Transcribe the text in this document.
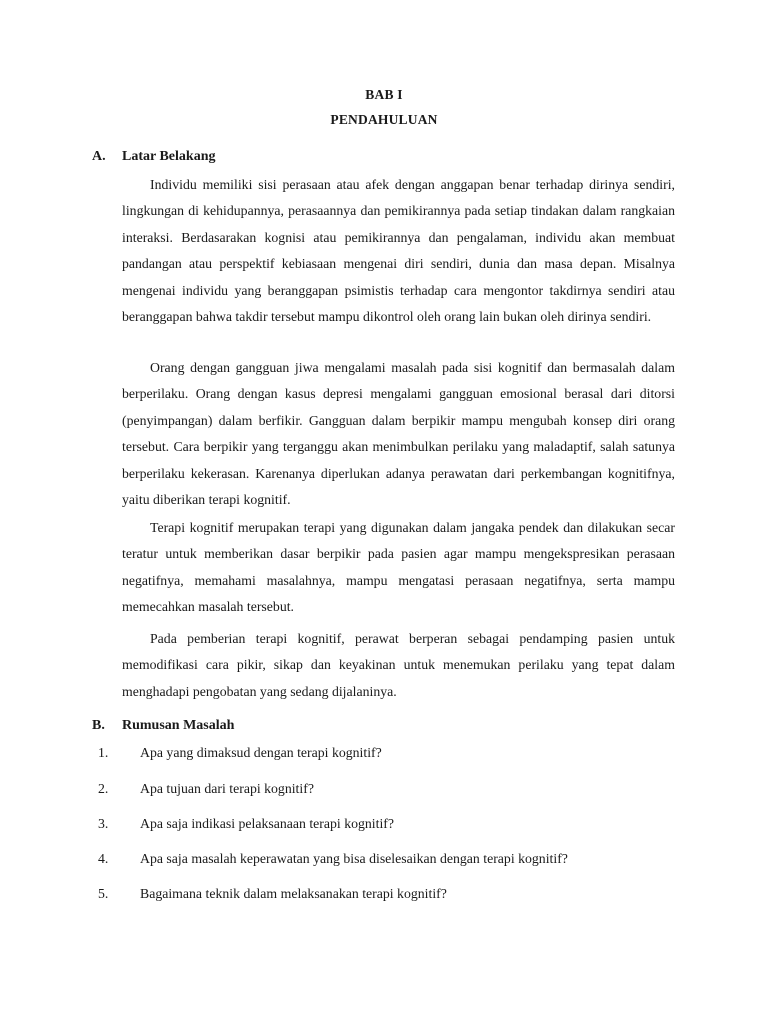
BAB I
PENDAHULUAN
A. Latar Belakang

Individu memiliki sisi perasaan atau afek dengan anggapan benar terhadap dirinya sendiri, lingkungan di kehidupannya, perasaannya dan pemikirannya pada setiap tindakan dalam rangkaian interaksi. Berdasarakan kognisi atau pemikirannya dan pengalaman, individu akan membuat pandangan atau perspektif kebiasaan mengenai diri sendiri, dunia dan masa depan. Misalnya mengenai individu yang beranggapan psimistis terhadap cara mengontor takdirnya sendiri atau beranggapan bahwa takdir tersebut mampu dikontrol oleh orang lain bukan oleh dirinya sendiri.

Orang dengan gangguan jiwa mengalami masalah pada sisi kognitif dan bermasalah dalam berperilaku. Orang dengan kasus depresi mengalami gangguan emosional berasal dari ditorsi (penyimpangan) dalam berfikir. Gangguan dalam berpikir mampu mengubah konsep diri orang tersebut. Cara berpikir yang terganggu akan menimbulkan perilaku yang maladaptif, salah satunya berperilaku kekerasan. Karenanya diperlukan adanya perawatan dari perkembangan kognitifnya, yaitu diberikan terapi kognitif.

Terapi kognitif merupakan terapi yang digunakan dalam jangaka pendek dan dilakukan secar teratur untuk memberikan dasar berpikir pada pasien agar mampu mengekspresikan perasaan negatifnya, memahami masalahnya, mampu mengatasi perasaan negatifnya, serta mampu memecahkan masalah tersebut.

Pada pemberian terapi kognitif, perawat berperan sebagai pendamping pasien untuk memodifikasi cara pikir, sikap dan keyakinan untuk menemukan perilaku yang tepat dalam menghadapi pengobatan yang sedang dijalaninya.

B. Rumusan Masalah
1. Apa yang dimaksud dengan terapi kognitif?
2. Apa tujuan dari terapi kognitif?
3. Apa saja indikasi pelaksanaan terapi kognitif?
4. Apa saja masalah keperawatan yang bisa diselesaikan dengan terapi kognitif?
5. Bagaimana teknik dalam melaksanakan terapi kognitif?
